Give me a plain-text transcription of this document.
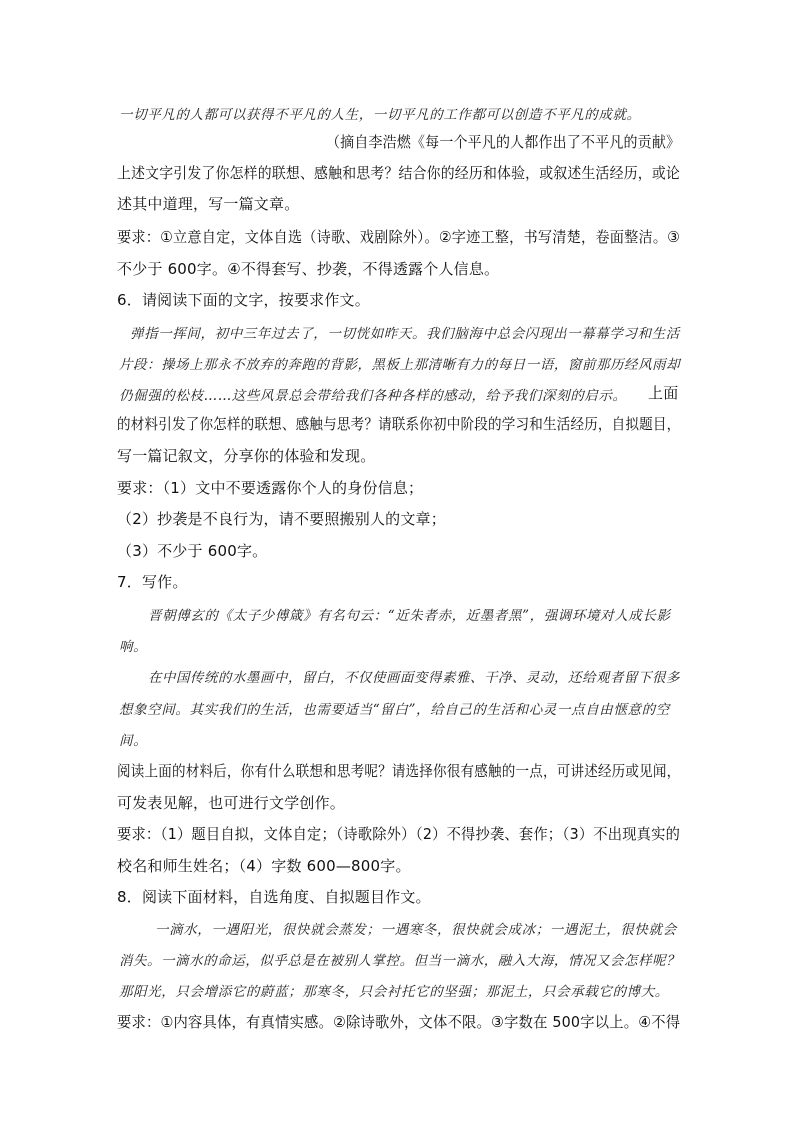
一切平凡的人都可以获得不平凡的人生，一切平凡的工作都可以创造不平凡的成就。
（摘自李浩燃《每一个平凡的人都作出了不平凡的贡献》
上述文字引发了你怎样的联想、感触和思考？结合你的经历和体验，或叙述生活经历，或论
述其中道理，写一篇文章。
要求：①立意自定，文体自选（诗歌、戏剧除外）。②字迹工整，书写清楚，卷面整洁。③
不少于 600字。④不得套写、抄袭，不得透露个人信息。
6．请阅读下面的文字，按要求作文。
弹指一挥间，初中三年过去了，一切恍如昨天。我们脑海中总会闪现出一幕幕学习和生活
片段：操场上那永不放弃的奔跑的背影，黑板上那清晰有力的每日一语，窗前那历经风雨却
仍倔强的松枝……这些风景总会带给我们各种各样的感动，给予我们深刻的启示。 上面
的材料引发了你怎样的联想、感触与思考？请联系你初中阶段的学习和生活经历，自拟题目，
写一篇记叙文，分享你的体验和发现。
要求：（1）文中不要透露你个人的身份信息；
（2）抄袭是不良行为，请不要照搬别人的文章；
（3）不少于 600字。
7．写作。
晋朝傅玄的《太子少傅箴》有名句云：“近朱者赤，近墨者黑”，强调环境对人成长影
响。
在中国传统的水墨画中，留白，不仅使画面变得素雅、干净、灵动，还给观者留下很多
想象空间。其实我们的生活，也需要适当“留白”，给自己的生活和心灵一点自由惬意的空
间。
阅读上面的材料后，你有什么联想和思考呢？请选择你很有感触的一点，可讲述经历或见闻，
可发表见解，也可进行文学创作。
要求：（1）题目自拟，文体自定；（诗歌除外）（2）不得抄袭、套作；（3）不出现真实的
校名和师生姓名；（4）字数 600—800字。
8．阅读下面材料，自选角度、自拟题目作文。
一滴水，一遇阳光，很快就会蒸发；一遇寒冬，很快就会成冰；一遇泥土，很快就会
消失。一滴水的命运，似乎总是在被别人掌控。但当一滴水，融入大海，情况又会怎样呢？
那阳光，只会增添它的蔚蓝；那寒冬，只会衬托它的坚强；那泥土，只会承载它的博大。
要求：①内容具体，有真情实感。②除诗歌外，文体不限。③字数在 500字以上。④不得
